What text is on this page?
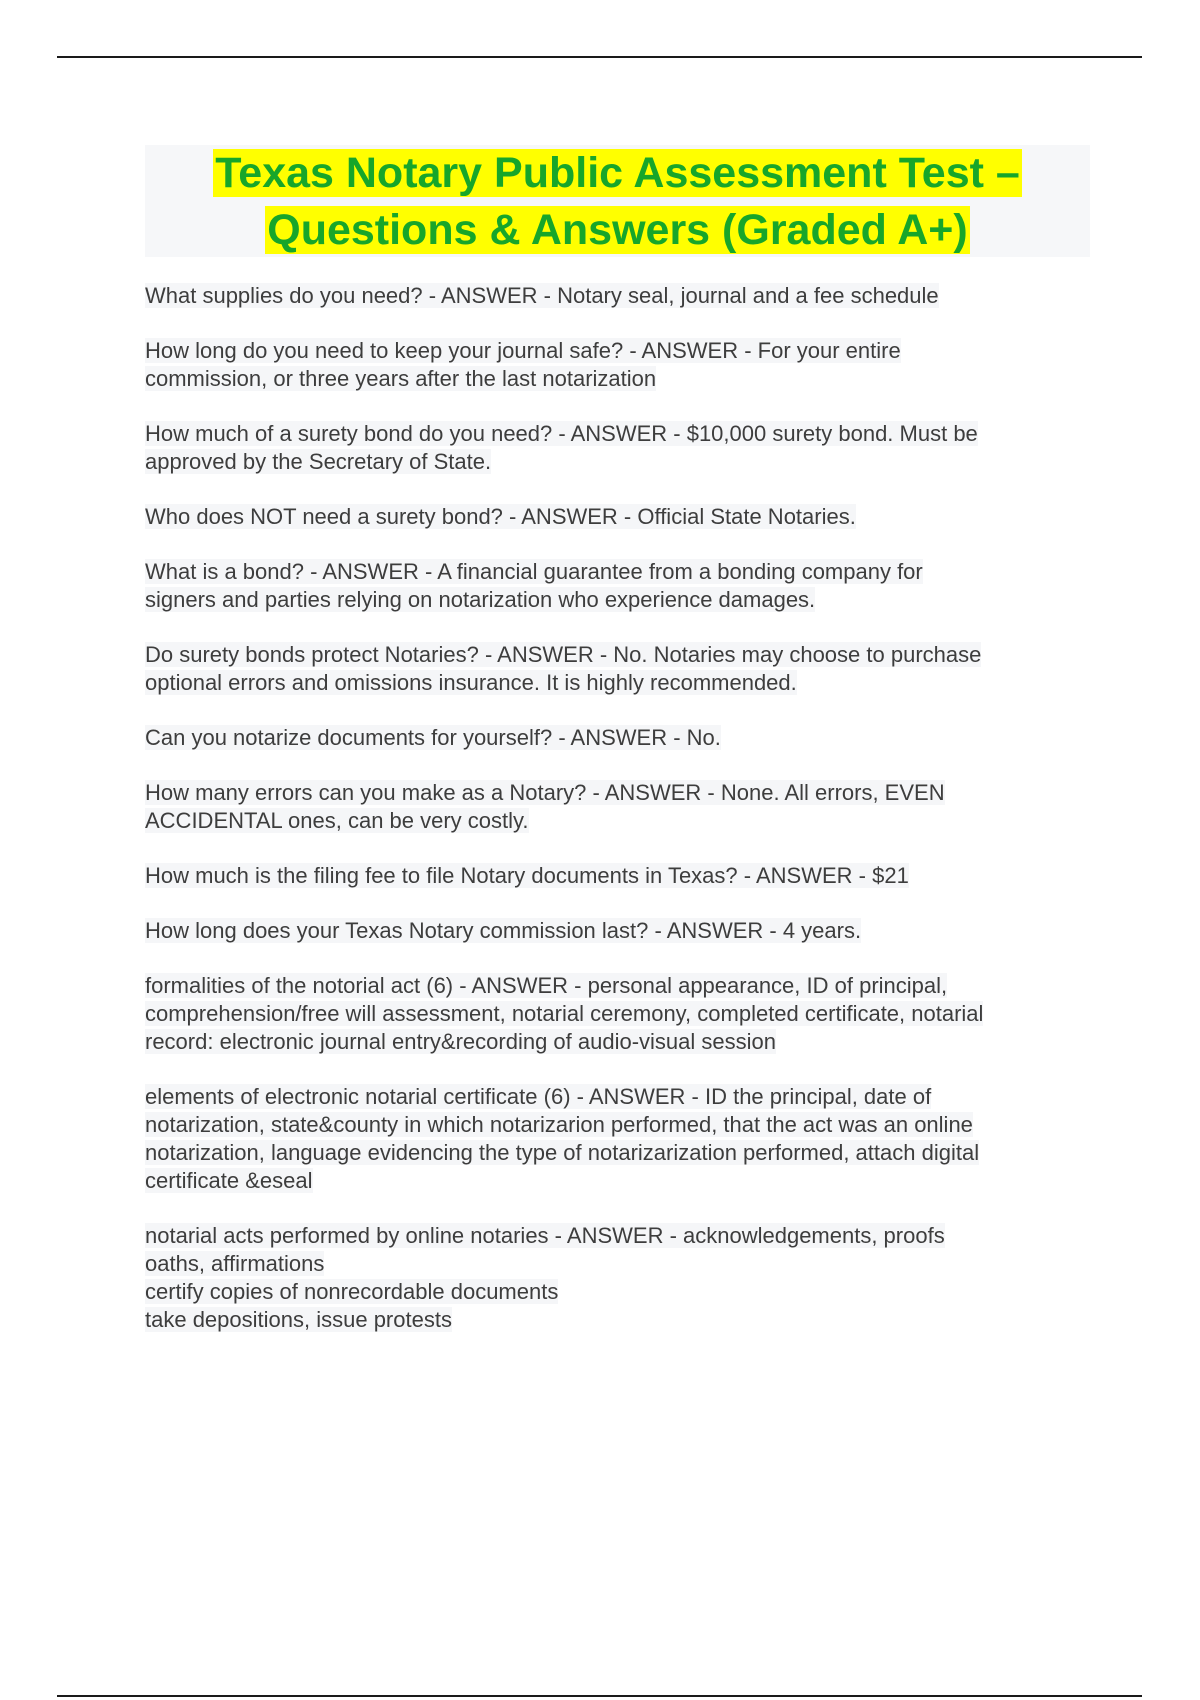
Texas Notary Public Assessment Test –

Questions & Answers (Graded A+)

What supplies do you need? - ANSWER - Notary seal, journal and a fee schedule
How long do you need to keep your journal safe? - ANSWER - For your entire
commission, or three years after the last notarization
How much of a surety bond do you need? - ANSWER - $10,000 surety bond. Must be
approved by the Secretary of State.
Who does NOT need a surety bond? - ANSWER - Official State Notaries.
What is a bond? - ANSWER - A financial guarantee from a bonding company for
signers and parties relying on notarization who experience damages.
Do surety bonds protect Notaries? - ANSWER - No. Notaries may choose to purchase
optional errors and omissions insurance. It is highly recommended.
Can you notarize documents for yourself? - ANSWER - No.
How many errors can you make as a Notary? - ANSWER - None. All errors, EVEN
ACCIDENTAL ones, can be very costly.
How much is the filing fee to file Notary documents in Texas? - ANSWER - $21
How long does your Texas Notary commission last? - ANSWER - 4 years.
formalities of the notorial act (6) - ANSWER - personal appearance, ID of principal,
comprehension/free will assessment, notarial ceremony, completed certificate, notarial
record: electronic journal entry&recording of audio-visual session
elements of electronic notarial certificate (6) - ANSWER - ID the principal, date of
notarization, state&county in which notarizarion performed, that the act was an online
notarization, language evidencing the type of notarizarization performed, attach digital
certificate &eseal
notarial acts performed by online notaries - ANSWER - acknowledgements, proofs
oaths, affirmations
certify copies of nonrecordable documents
take depositions, issue protests
